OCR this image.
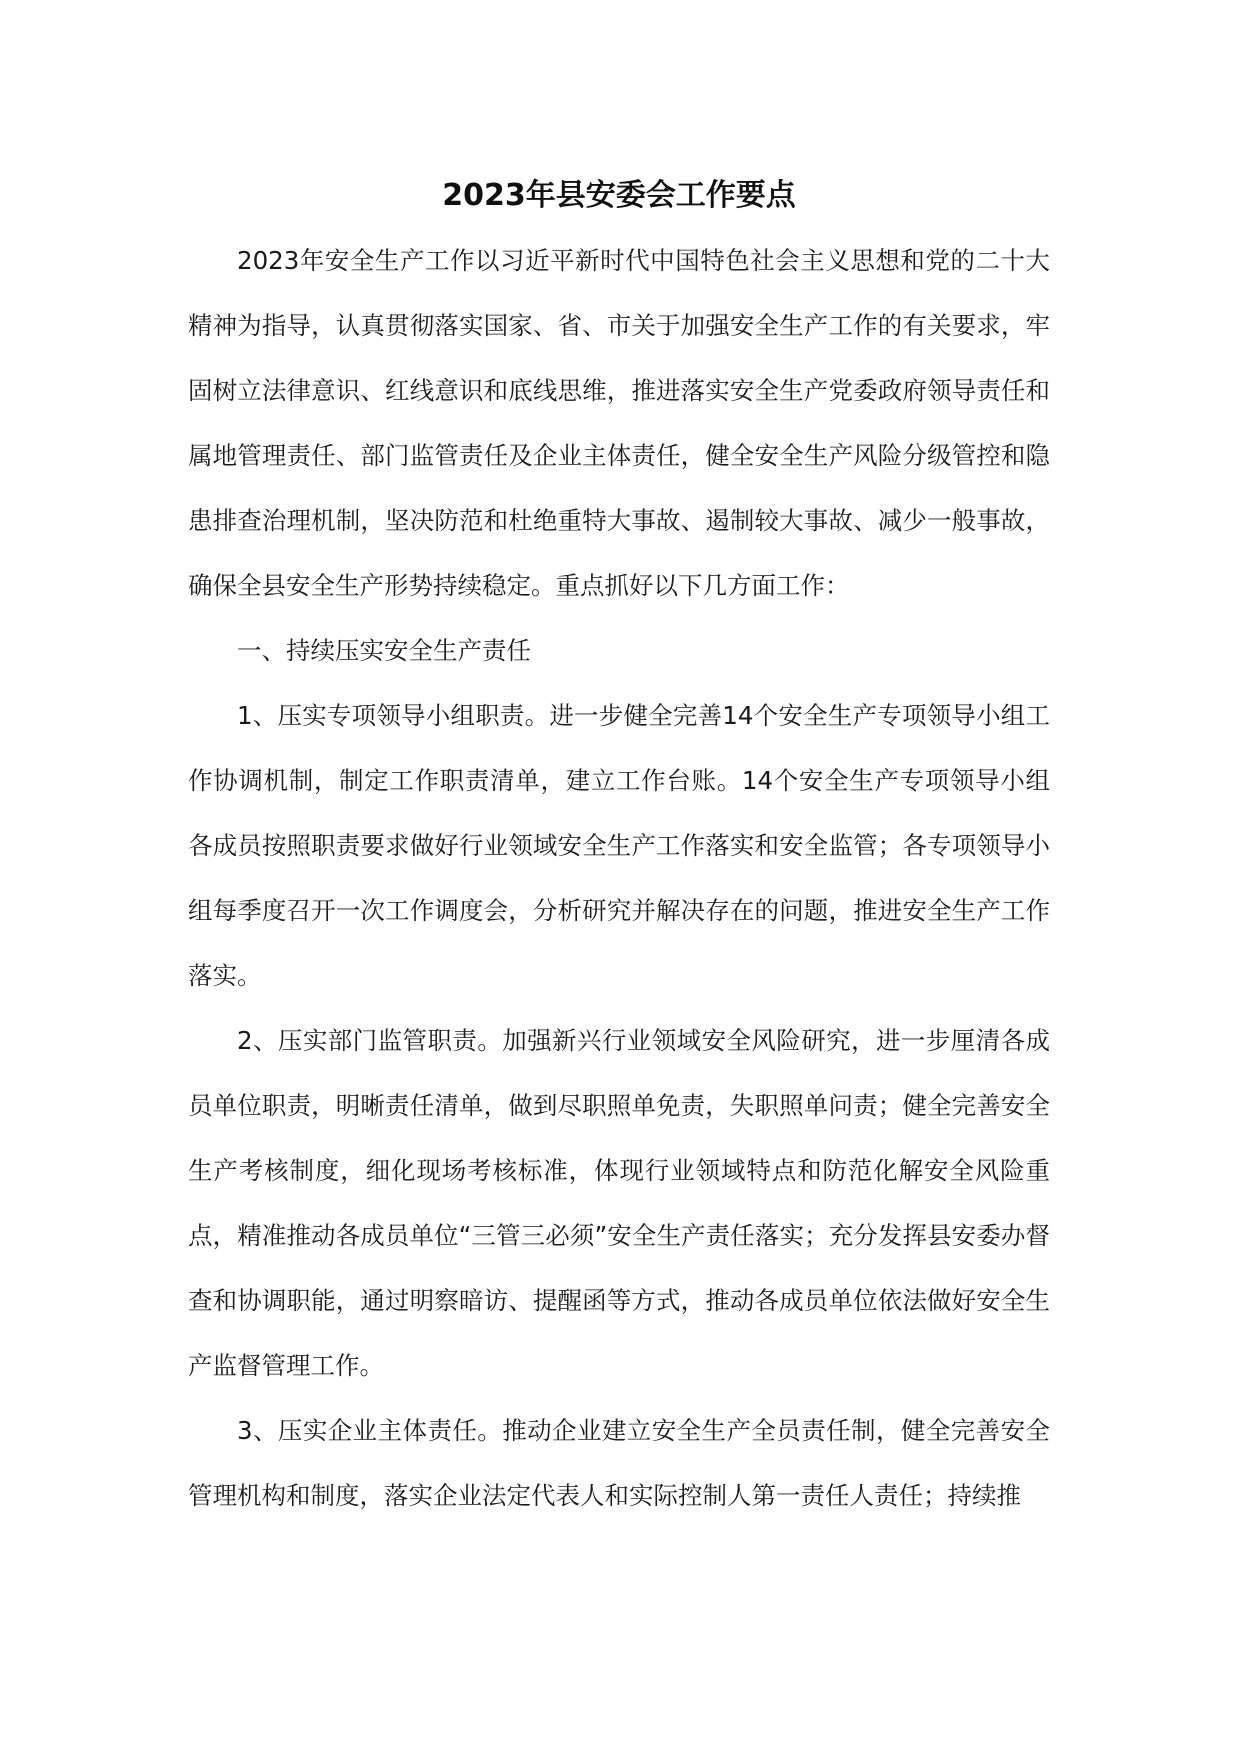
2023年县安委会工作要点

2023年安全生产工作以习近平新时代中国特色社会主义思想和党的二十大精神为指导，认真贯彻落实国家、省、市关于加强安全生产工作的有关要求，牢固树立法律意识、红线意识和底线思维，推进落实安全生产党委政府领导责任和属地管理责任、部门监管责任及企业主体责任，健全安全生产风险分级管控和隐患排查治理机制，坚决防范和杜绝重特大事故、遏制较大事故、减少一般事故，确保全县安全生产形势持续稳定。重点抓好以下几方面工作：

一、持续压实安全生产责任

1、压实专项领导小组职责。进一步健全完善14个安全生产专项领导小组工作协调机制，制定工作职责清单，建立工作台账。14个安全生产专项领导小组各成员按照职责要求做好行业领域安全生产工作落实和安全监管；各专项领导小组每季度召开一次工作调度会，分析研究并解决存在的问题，推进安全生产工作落实。

2、压实部门监管职责。加强新兴行业领域安全风险研究，进一步厘清各成员单位职责，明晰责任清单，做到尽职照单免责，失职照单问责；健全完善安全生产考核制度，细化现场考核标准，体现行业领域特点和防范化解安全风险重点，精准推动各成员单位“三管三必须”安全生产责任落实；充分发挥县安委办督查和协调职能，通过明察暗访、提醒函等方式，推动各成员单位依法做好安全生产监督管理工作。

3、压实企业主体责任。推动企业建立安全生产全员责任制，健全完善安全管理机构和制度，落实企业法定代表人和实际控制人第一责任人责任；持续推
